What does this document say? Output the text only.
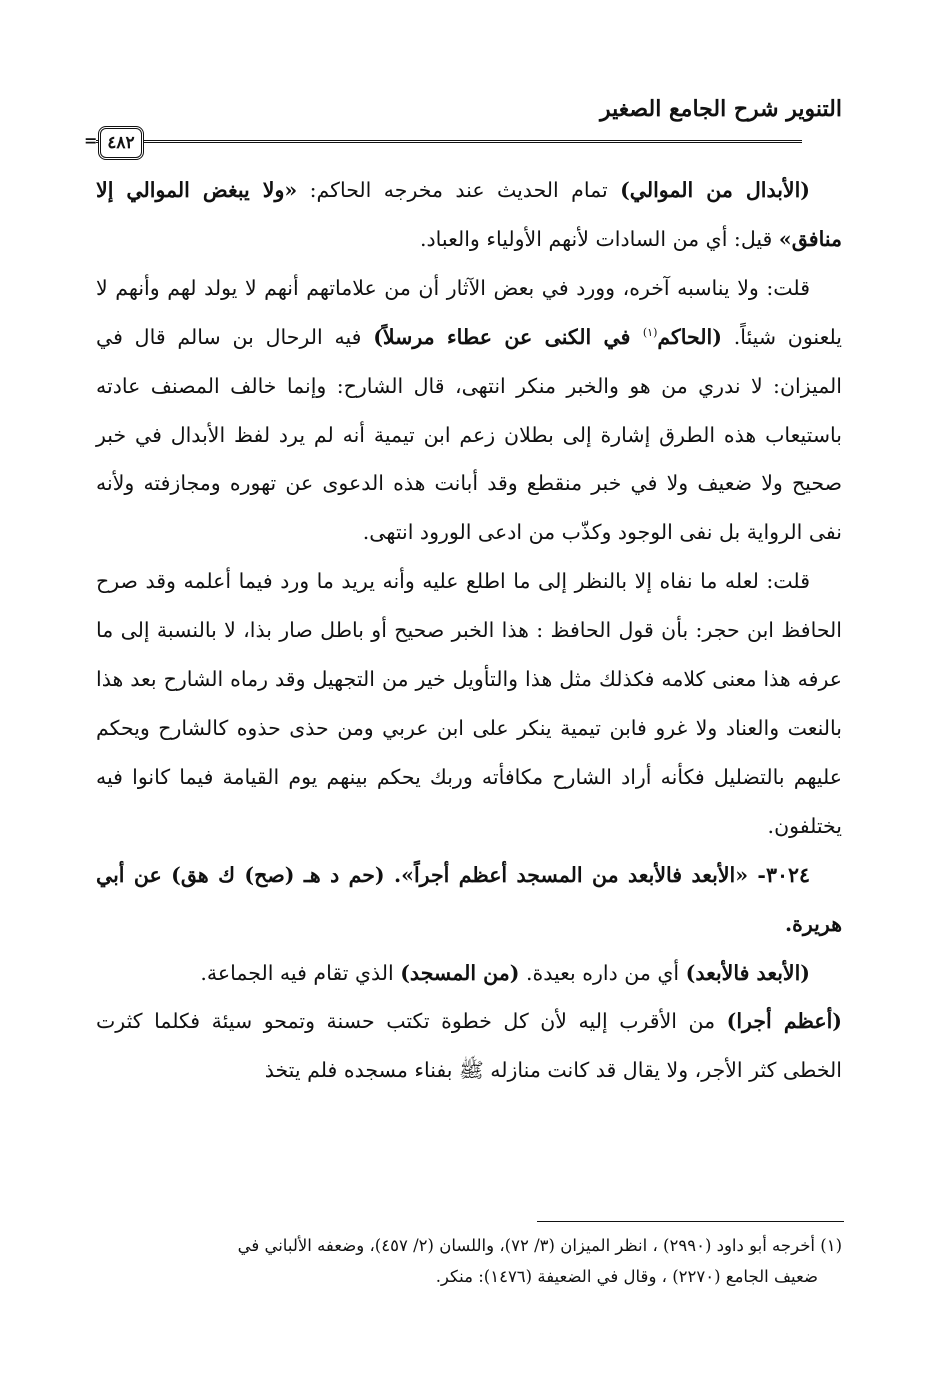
التنوير شرح الجامع الصغير
= ٤٨٢

(الأبدال من الموالي) تمام الحديث عند مخرجه الحاكم: «ولا يبغض الموالي إلا منافق» قيل: أي من السادات لأنهم الأولياء والعباد.

قلت: ولا يناسبه آخره، وورد في بعض الآثار أن من علاماتهم أنهم لا يولد لهم وأنهم لا يلعنون شيئاً. (الحاكم$^{(١)}$ في الكنى عن عطاء مرسلاً) فيه الرحال بن سالم قال في الميزان: لا ندري من هو والخبر منكر انتهى، قال الشارح: وإنما خالف المصنف عادته باستيعاب هذه الطرق إشارة إلى بطلان زعم ابن تيمية أنه لم يرد لفظ الأبدال في خبر صحيح ولا ضعيف ولا في خبر منقطع وقد أبانت هذه الدعوى عن تهوره ومجازفته ولأنه نفى الرواية بل نفى الوجود وكذّب من ادعى الورود انتهى.

قلت: لعله ما نفاه إلا بالنظر إلى ما اطلع عليه وأنه يريد ما ورد فيما أعلمه وقد صرح الحافظ ابن حجر: بأن قول الحافظ : هذا الخبر صحيح أو باطل صار بذا، لا بالنسبة إلى ما عرفه هذا معنى كلامه فكذلك مثل هذا والتأويل خير من التجهيل وقد رماه الشارح بعد هذا بالنعت والعناد ولا غرو فابن تيمية ينكر على ابن عربي ومن حذى حذوه كالشارح ويحكم عليهم بالتضليل فكأنه أراد الشارح مكافأته وربك يحكم بينهم يوم القيامة فيما كانوا فيه يختلفون.

٣٠٢٤- «الأبعد فالأبعد من المسجد أعظم أجراً». (حم د هـ (صح) ك هق) عن أبي هريرة.

(الأبعد فالأبعد) أي من داره بعيدة. (من المسجد) الذي تقام فيه الجماعة.

(أعظم أجرا) من الأقرب إليه لأن كل خطوة تكتب حسنة وتمحو سيئة فكلما كثرت الخطى كثر الأجر، ولا يقال قد كانت منازله ﷺ بفناء مسجده فلم يتخذ

(١) أخرجه أبو داود (٢٩٩٠) ، انظر الميزان (٣/ ٧٢)، واللسان (٢/ ٤٥٧)، وضعفه الألباني في

ضعيف الجامع (٢٢٧٠) ، وقال في الضعيفة (١٤٧٦): منكر.
